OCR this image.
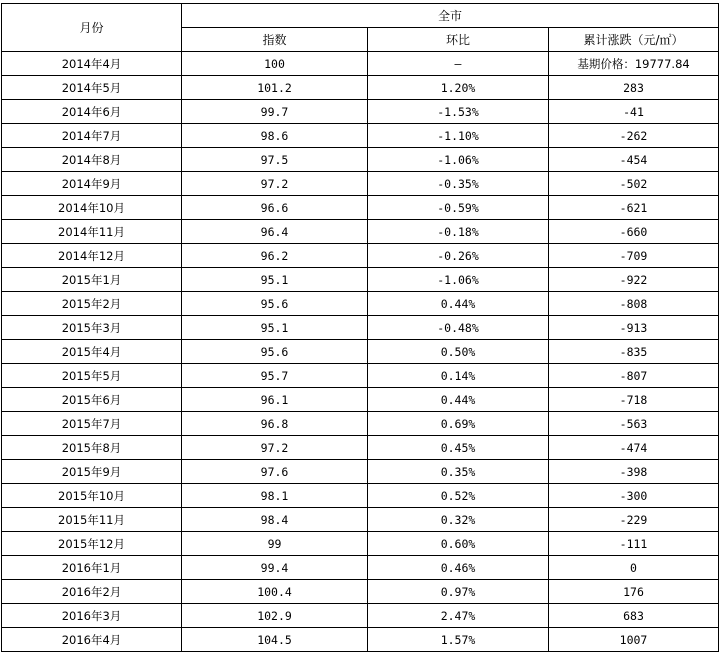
月份	全市		
	指数	环比	累计涨跌（元/㎡）
2014年4月	100	—	基期价格：19777.84
2014年5月	101.2	1.20%	283
2014年6月	99.7	-1.53%	-41
2014年7月	98.6	-1.10%	-262
2014年8月	97.5	-1.06%	-454
2014年9月	97.2	-0.35%	-502
2014年10月	96.6	-0.59%	-621
2014年11月	96.4	-0.18%	-660
2014年12月	96.2	-0.26%	-709
2015年1月	95.1	-1.06%	-922
2015年2月	95.6	0.44%	-808
2015年3月	95.1	-0.48%	-913
2015年4月	95.6	0.50%	-835
2015年5月	95.7	0.14%	-807
2015年6月	96.1	0.44%	-718
2015年7月	96.8	0.69%	-563
2015年8月	97.2	0.45%	-474
2015年9月	97.6	0.35%	-398
2015年10月	98.1	0.52%	-300
2015年11月	98.4	0.32%	-229
2015年12月	99	0.60%	-111
2016年1月	99.4	0.46%	0
2016年2月	100.4	0.97%	176
2016年3月	102.9	2.47%	683
2016年4月	104.5	1.57%	1007
